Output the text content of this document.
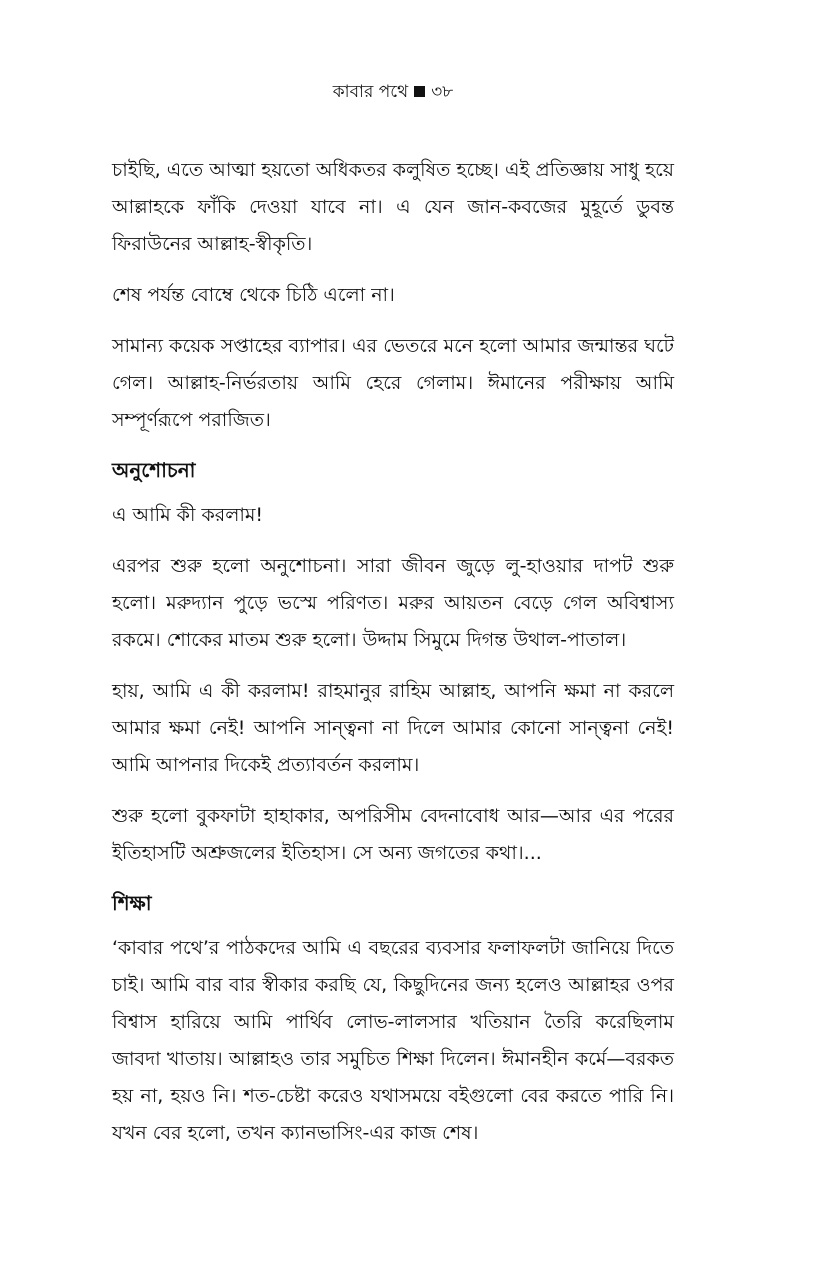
কাবার পথে ৩৮

চাইছি, এতে আত্মা হয়তো অধিকতর কলুষিত হচ্ছে। এই প্রতিজ্ঞায় সাধু হয়ে আল্লাহকে ফাঁকি দেওয়া যাবে না। এ যেন জান-কবজের মুহূর্তে ডুবন্ত ফিরাউনের আল্লাহ-স্বীকৃতি।

শেষ পর্যন্ত বোম্বে থেকে চিঠি এলো না।

সামান্য কয়েক সপ্তাহের ব্যাপার। এর ভেতরে মনে হলো আমার জন্মান্তর ঘটে গেল। আল্লাহ-নির্ভরতায় আমি হেরে গেলাম। ঈমানের পরীক্ষায় আমি সম্পূর্ণরূপে পরাজিত।

অনুশোচনা

এ আমি কী করলাম!

এরপর শুরু হলো অনুশোচনা। সারা জীবন জুড়ে লু-হাওয়ার দাপট শুরু হলো। মরুদ্যান পুড়ে ভস্মে পরিণত। মরুর আয়তন বেড়ে গেল অবিশ্বাস্য রকমে। শোকের মাতম শুরু হলো। উদ্দাম সিমুমে দিগন্ত উথাল-পাতাল।

হায়, আমি এ কী করলাম! রাহমানুর রাহিম আল্লাহ, আপনি ক্ষমা না করলে আমার ক্ষমা নেই! আপনি সান্ত্বনা না দিলে আমার কোনো সান্ত্বনা নেই! আমি আপনার দিকেই প্রত্যাবর্তন করলাম।

শুরু হলো বুকফাটা হাহাকার, অপরিসীম বেদনাবোধ আর—আর এর পরের ইতিহাসটি অশ্রুজলের ইতিহাস। সে অন্য জগতের কথা।...

শিক্ষা

‘কাবার পথে’র পাঠকদের আমি এ বছরের ব্যবসার ফলাফলটা জানিয়ে দিতে চাই। আমি বার বার স্বীকার করছি যে, কিছুদিনের জন্য হলেও আল্লাহর ওপর বিশ্বাস হারিয়ে আমি পার্থিব লোভ-লালসার খতিয়ান তৈরি করেছিলাম জাবদা খাতায়। আল্লাহও তার সমুচিত শিক্ষা দিলেন। ঈমানহীন কর্মে—বরকত হয় না, হয়ও নি। শত-চেষ্টা করেও যথাসময়ে বইগুলো বের করতে পারি নি। যখন বের হলো, তখন ক্যানভাসিং-এর কাজ শেষ।
